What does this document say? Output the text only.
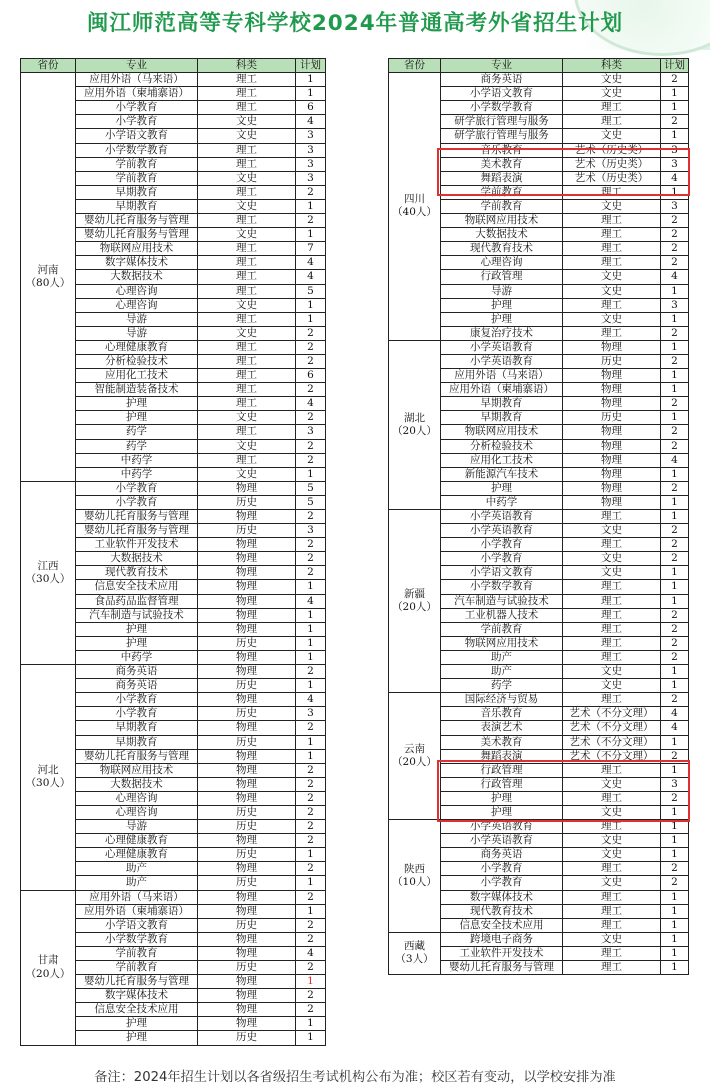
闽江师范高等专科学校2024年普通高考外省招生计划
省份	专业	科类	计划
河南
（80人）	应用外语（马来语）	理工	1
	应用外语（柬埔寨语）	理工	1
	小学教育	理工	6
	小学教育	文史	4
	小学语文教育	文史	3
	小学数学教育	理工	3
	学前教育	理工	3
	学前教育	文史	3
	早期教育	理工	2
	早期教育	文史	1
	婴幼儿托育服务与管理	理工	2
	婴幼儿托育服务与管理	文史	1
	物联网应用技术	理工	7
	数字媒体技术	理工	4
	大数据技术	理工	4
	心理咨询	理工	5
	心理咨询	文史	1
	导游	理工	1
	导游	文史	2
	心理健康教育	理工	2
	分析检验技术	理工	2
	应用化工技术	理工	6
	智能制造装备技术	理工	2
	护理	理工	4
	护理	文史	2
	药学	理工	3
	药学	文史	2
	中药学	理工	2
	中药学	文史	1
江西
（30人）	小学教育	物理	5
	小学教育	历史	5
	婴幼儿托育服务与管理	物理	2
	婴幼儿托育服务与管理	历史	3
	工业软件开发技术	物理	2
	大数据技术	物理	2
	现代教育技术	物理	2
	信息安全技术应用	物理	1
	食品药品监督管理	物理	4
	汽车制造与试验技术	物理	1
	护理	物理	1
	护理	历史	1
	中药学	物理	1
河北
（30人）	商务英语	物理	2
	商务英语	历史	1
	小学教育	物理	4
	小学教育	历史	3
	早期教育	物理	2
	早期教育	历史	1
	婴幼儿托育服务与管理	物理	1
	物联网应用技术	物理	2
	大数据技术	物理	2
	心理咨询	物理	2
	心理咨询	历史	2
	导游	历史	2
	心理健康教育	物理	2
	心理健康教育	历史	1
	助产	物理	2
	助产	历史	1
甘肃
（20人）	应用外语（马来语）	物理	2
	应用外语（柬埔寨语）	物理	1
	小学语文教育	历史	2
	小学数学教育	物理	2
	学前教育	物理	4
	学前教育	历史	2
	婴幼儿托育服务与管理	物理	1
	数字媒体技术	物理	2
	信息安全技术应用	物理	2
	护理	物理	1
	护理	历史	1
省份	专业	科类	计划
四川
（40人）	商务英语	文史	2
	小学语文教育	文史	1
	小学数学教育	理工	1
	研学旅行管理与服务	理工	2
	研学旅行管理与服务	文史	1
	音乐教育	艺术（历史类）	3
	美术教育	艺术（历史类）	3
	舞蹈表演	艺术（历史类）	4
	学前教育	理工	1
	学前教育	文史	3
	物联网应用技术	理工	2
	大数据技术	理工	2
	现代教育技术	理工	2
	心理咨询	理工	2
	行政管理	文史	4
	导游	文史	1
	护理	理工	3
	护理	文史	1
	康复治疗技术	理工	2
湖北
（20人）	小学英语教育	物理	1
	小学英语教育	历史	2
	应用外语（马来语）	物理	1
	应用外语（柬埔寨语）	物理	1
	早期教育	物理	2
	早期教育	历史	1
	物联网应用技术	物理	2
	分析检验技术	物理	2
	应用化工技术	物理	4
	新能源汽车技术	物理	1
	护理	物理	2
	中药学	物理	1
新疆
（20人）	小学英语教育	理工	1
	小学英语教育	文史	2
	小学教育	理工	2
	小学教育	文史	2
	小学语文教育	文史	1
	小学数学教育	理工	1
	汽车制造与试验技术	理工	1
	工业机器人技术	理工	2
	学前教育	理工	2
	物联网应用技术	理工	2
	助产	理工	2
	助产	文史	1
	药学	文史	1
云南
（20人）	国际经济与贸易	理工	2
	音乐教育	艺术（不分文理）	4
	表演艺术	艺术（不分文理）	4
	美术教育	艺术（不分文理）	1
	舞蹈表演	艺术（不分文理）	2
	行政管理	理工	1
	行政管理	文史	3
	护理	理工	2
	护理	文史	1
陕西
（10人）	小学英语教育	理工	1
	小学英语教育	文史	1
	商务英语	文史	1
	小学教育	理工	2
	小学教育	文史	2
	数字媒体技术	理工	1
	现代教育技术	理工	1
	信息安全技术应用	理工	1
西藏
（3人）	跨境电子商务	文史	1
	工业软件开发技术	理工	1
	婴幼儿托育服务与管理	理工	1
备注：2024年招生计划以各省级招生考试机构公布为准；校区若有变动，以学校安排为准
